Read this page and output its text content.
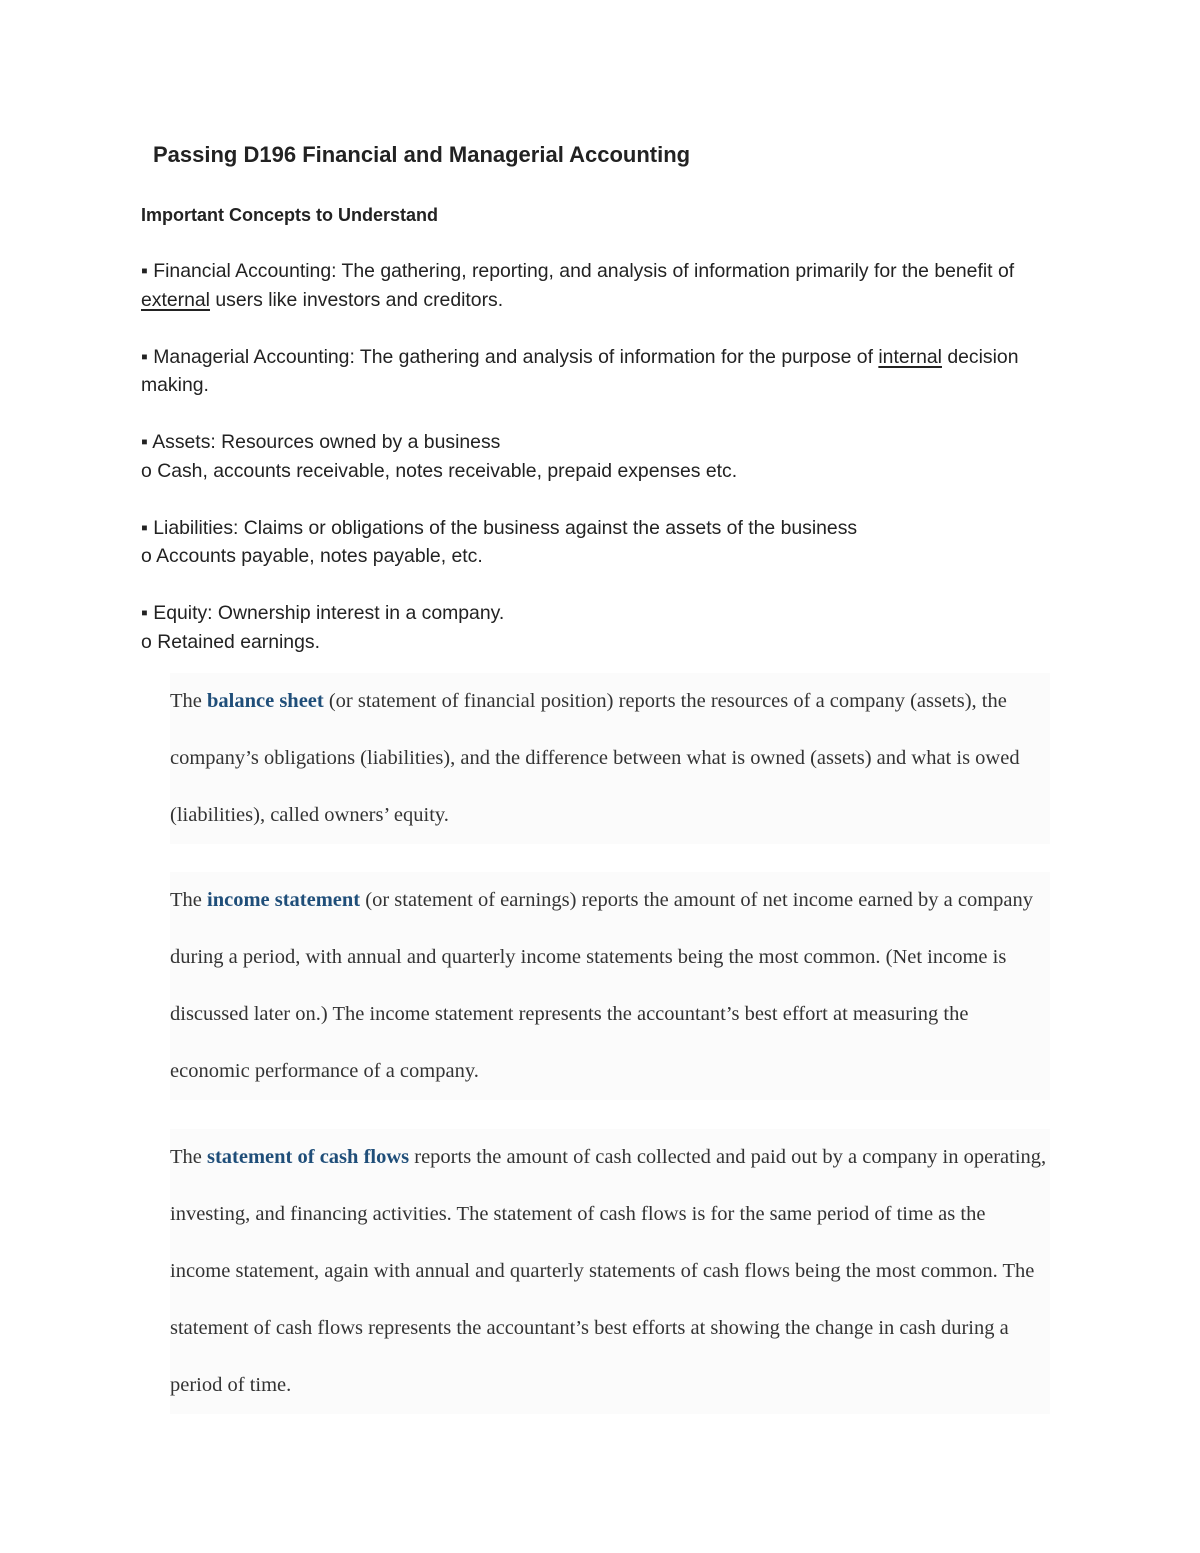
Passing D196 Financial and Managerial Accounting
Important Concepts to Understand

▪ Financial Accounting: The gathering, reporting, and analysis of information primarily for the benefit of external users like investors and creditors.

▪ Managerial Accounting: The gathering and analysis of information for the purpose of internal decision making.

▪ Assets: Resources owned by a business

o Cash, accounts receivable, notes receivable, prepaid expenses etc.

▪ Liabilities: Claims or obligations of the business against the assets of the business

o Accounts payable, notes payable, etc.

▪ Equity: Ownership interest in a company.

o Retained earnings.

The balance sheet (or statement of financial position) reports the resources of a company (assets), the company’s obligations (liabilities), and the difference between what is owned (assets) and what is owed (liabilities), called owners’ equity.

The income statement (or statement of earnings) reports the amount of net income earned by a company during a period, with annual and quarterly income statements being the most common. (Net income is discussed later on.) The income statement represents the accountant’s best effort at measuring the economic performance of a company.

The statement of cash flows reports the amount of cash collected and paid out by a company in operating, investing, and financing activities. The statement of cash flows is for the same period of time as the income statement, again with annual and quarterly statements of cash flows being the most common. The statement of cash flows represents the accountant’s best efforts at showing the change in cash during a period of time.
